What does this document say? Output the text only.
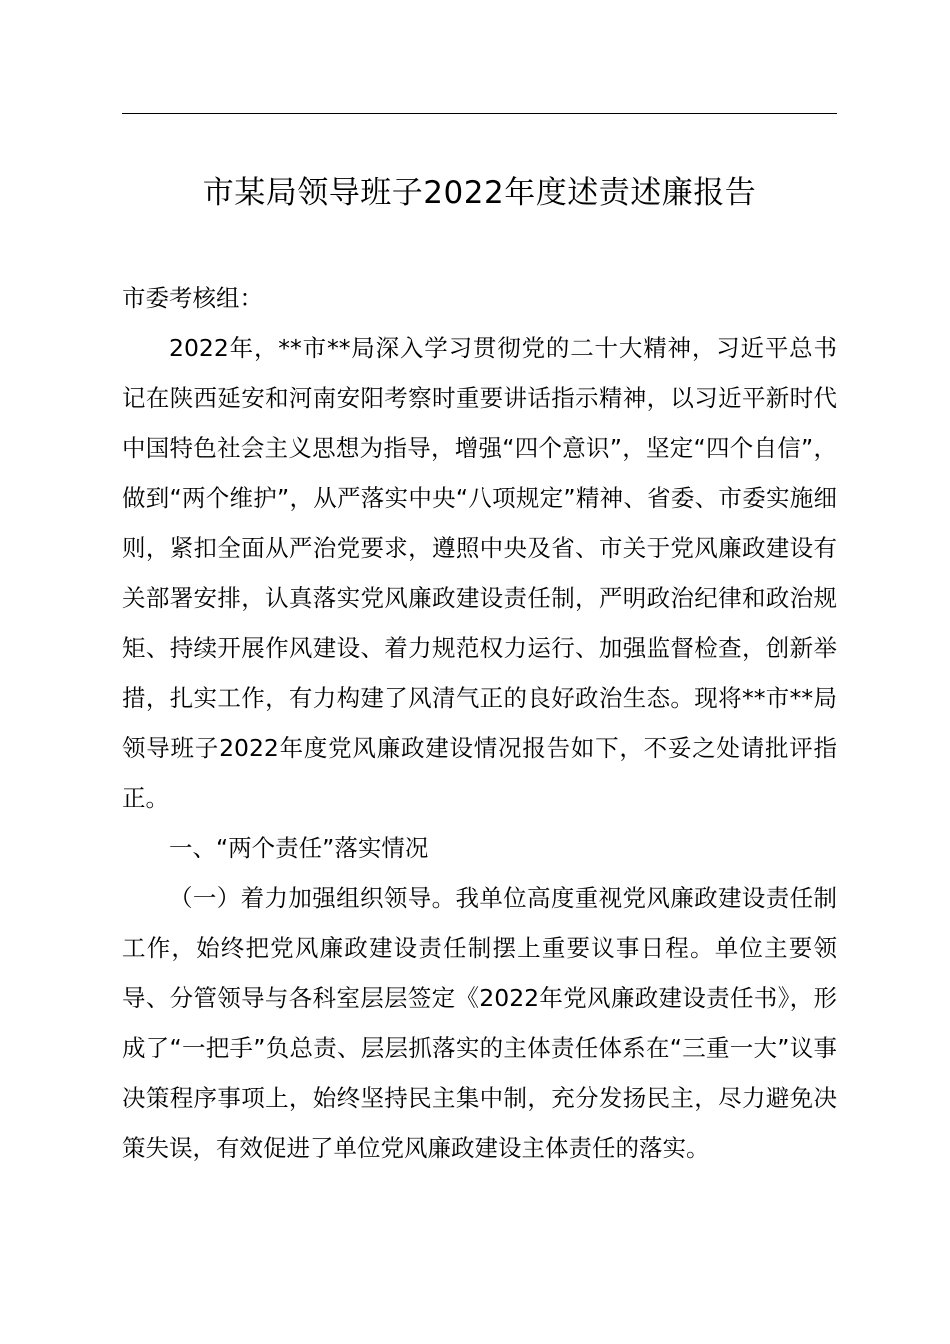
市某局领导班子2022年度述责述廉报告

市委考核组：

2022年，**市**局深入学习贯彻党的二十大精神，习近平总书记在陕西延安和河南安阳考察时重要讲话指示精神，以习近平新时代中国特色社会主义思想为指导，增强“四个意识”，坚定“四个自信”，做到“两个维护”，从严落实中央“八项规定”精神、省委、市委实施细则，紧扣全面从严治党要求，遵照中央及省、市关于党风廉政建设有关部署安排，认真落实党风廉政建设责任制，严明政治纪律和政治规矩、持续开展作风建设、着力规范权力运行、加强监督检查，创新举措，扎实工作，有力构建了风清气正的良好政治生态。现将**市**局领导班子2022年度党风廉政建设情况报告如下，不妥之处请批评指正。

一、“两个责任”落实情况

（一）着力加强组织领导。我单位高度重视党风廉政建设责任制工作，始终把党风廉政建设责任制摆上重要议事日程。单位主要领导、分管领导与各科室层层签定《2022年党风廉政建设责任书》，形成了“一把手”负总责、层层抓落实的主体责任体系在“三重一大”议事决策程序事项上，始终坚持民主集中制，充分发扬民主，尽力避免决策失误，有效促进了单位党风廉政建设主体责任的落实。
